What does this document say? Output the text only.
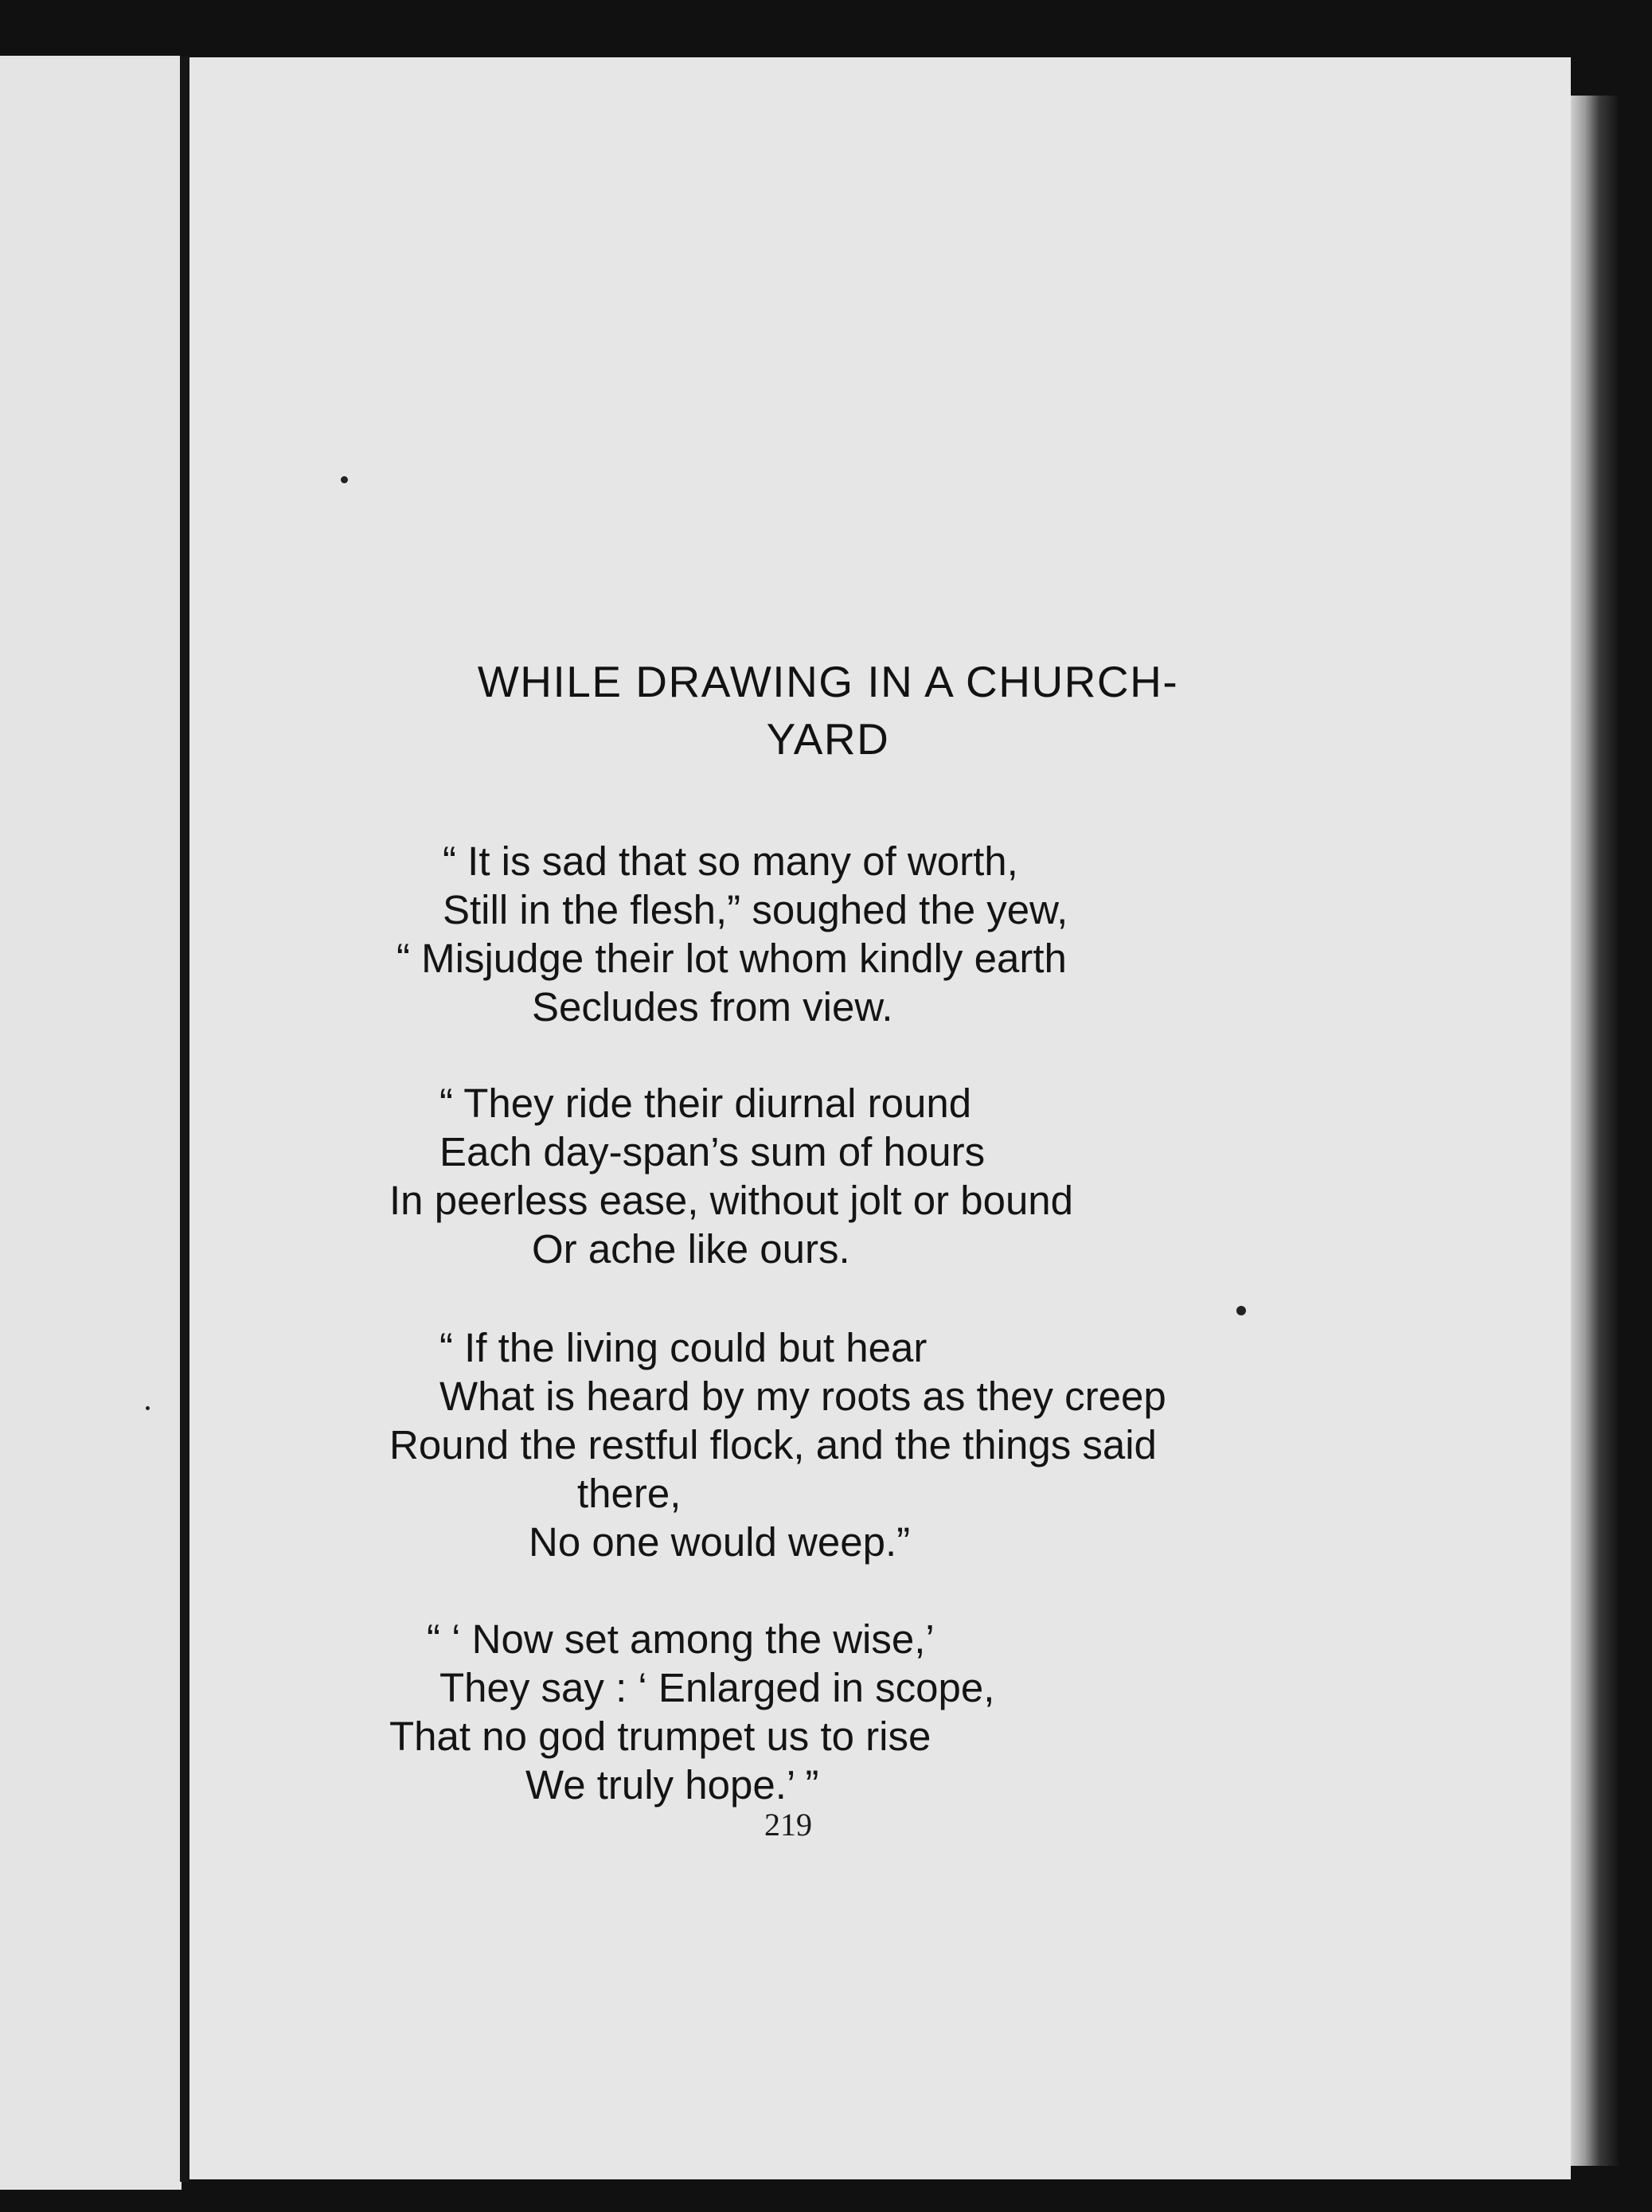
WHILE DRAWING IN A CHURCH-
YARD

“ It is sad that so many of worth,

Still in the flesh,” soughed the yew,

“ Misjudge their lot whom kindly earth

Secludes from view.

“ They ride their diurnal round

Each day-span’s sum of hours

In peerless ease, without jolt or bound

Or ache like ours.

“ If the living could but hear

What is heard by my roots as they creep

Round the restful flock, and the things said

there,

No one would weep.”

“ ‘ Now set among the wise,’

They say : ‘ Enlarged in scope,

That no god trumpet us to rise

We truly hope.’ ”

219
